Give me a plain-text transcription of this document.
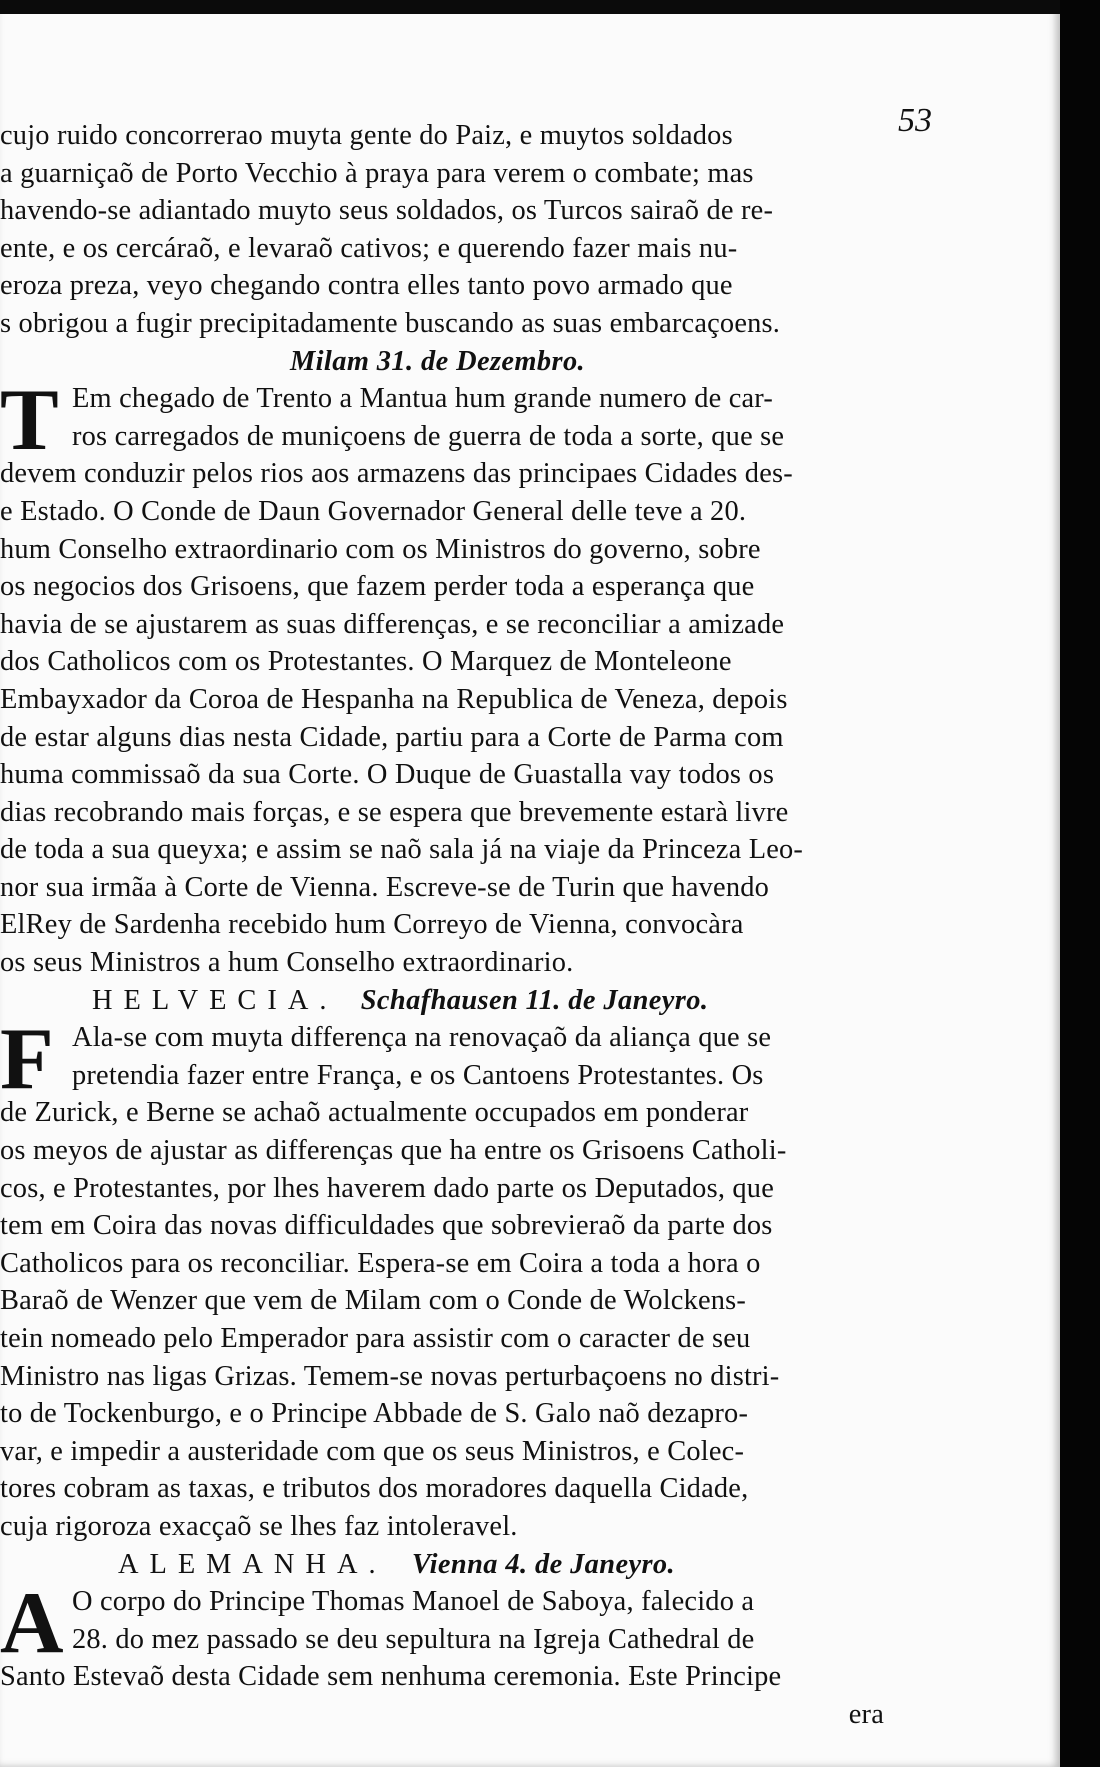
53
cujo ruido concorrerao muyta gente do Paiz, e muytos soldados
a guarniçaõ de Porto Vecchio à praya para verem o combate; mas
havendo-se adiantado muyto seus soldados, os Turcos sairaõ de re-
ente, e os cercáraõ, e levaraõ cativos; e querendo fazer mais nu-
eroza preza, veyo chegando contra elles tanto povo armado que
s obrigou a fugir precipitadamente buscando as suas embarcaçoens.
Milam 31. de Dezembro.
T Em chegado de Trento a Mantua hum grande numero de car-
ros carregados de muniçoens de guerra de toda a sorte, que se
devem conduzir pelos rios aos armazens das principaes Cidades des-
e Estado. O Conde de Daun Governador General delle teve a 20.
hum Conselho extraordinario com os Ministros do governo, sobre
os negocios dos Grisoens, que fazem perder toda a esperança que
havia de se ajustarem as suas differenças, e se reconciliar a amizade
dos Catholicos com os Protestantes. O Marquez de Monteleone
Embayxador da Coroa de Hespanha na Republica de Veneza, depois
de estar alguns dias nesta Cidade, partiu para a Corte de Parma com
huma commissaõ da sua Corte. O Duque de Guastalla vay todos os
dias recobrando mais forças, e se espera que brevemente estarà livre
de toda a sua queyxa; e assim se naõ sala já na viaje da Princeza Leo-
nor sua irmãa à Corte de Vienna. Escreve-se de Turin que havendo
ElRey de Sardenha recebido hum Correyo de Vienna, convocàra
os seus Ministros a hum Conselho extraordinario.
HELVECIA. Schafhausen 11. de Janeyro.
F Ala-se com muyta differença na renovaçaõ da aliança que se
pretendia fazer entre França, e os Cantoens Protestantes. Os
de Zurick, e Berne se achaõ actualmente occupados em ponderar
os meyos de ajustar as differenças que ha entre os Grisoens Catholi-
cos, e Protestantes, por lhes haverem dado parte os Deputados, que
tem em Coira das novas difficuldades que sobrevieraõ da parte dos
Catholicos para os reconciliar. Espera-se em Coira a toda a hora o
Baraõ de Wenzer que vem de Milam com o Conde de Wolckens-
tein nomeado pelo Emperador para assistir com o caracter de seu
Ministro nas ligas Grizas. Temem-se novas perturbaçoens no distri-
to de Tockenburgo, e o Principe Abbade de S. Galo naõ dezapro-
var, e impedir a austeridade com que os seus Ministros, e Colec-
tores cobram as taxas, e tributos dos moradores daquella Cidade,
cuja rigoroza exacçaõ se lhes faz intoleravel.
ALEMANHA. Vienna 4. de Janeyro.
A O corpo do Principe Thomas Manoel de Saboya, falecido a
28. do mez passado se deu sepultura na Igreja Cathedral de
Santo Estevaõ desta Cidade sem nenhuma ceremonia. Este Principe
era
